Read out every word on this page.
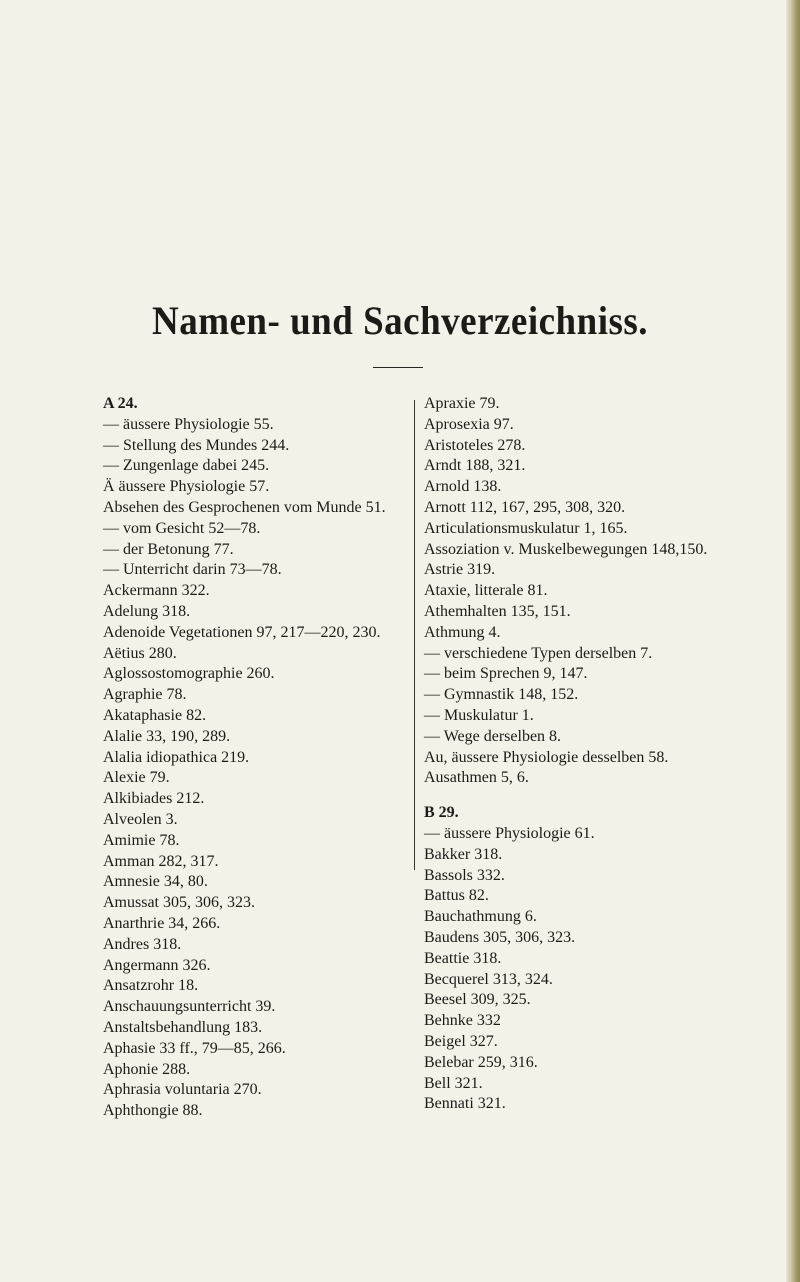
Namen- und Sachverzeichniss.
A 24.
— äussere Physiologie 55.
— Stellung des Mundes 244.
— Zungenlage dabei 245.
Ä äussere Physiologie 57.
Absehen des Gesprochenen vom Munde 51.
— vom Gesicht 52—78.
— der Betonung 77.
— Unterricht darin 73—78.
Ackermann 322.
Adelung 318.
Adenoide Vegetationen 97, 217—220, 230.
Aëtius 280.
Aglossostomographie 260.
Agraphie 78.
Akataphasie 82.
Alalie 33, 190, 289.
Alalia idiopathica 219.
Alexie 79.
Alkibiades 212.
Alveolen 3.
Amimie 78.
Amman 282, 317.
Amnesie 34, 80.
Amussat 305, 306, 323.
Anarthrie 34, 266.
Andres 318.
Angermann 326.
Ansatzrohr 18.
Anschauungsunterricht 39.
Anstaltsbehandlung 183.
Aphasie 33 ff., 79—85, 266.
Aphonie 288.
Aphrasia voluntaria 270.
Aphthongie 88.
Apraxie 79.
Aprosexia 97.
Aristoteles 278.
Arndt 188, 321.
Arnold 138.
Arnott 112, 167, 295, 308, 320.
Articulationsmuskulatur 1, 165.
Assoziation v. Muskelbewegungen 148,150.
Astrie 319.
Ataxie, litterale 81.
Athemhalten 135, 151.
Athmung 4.
— verschiedene Typen derselben 7.
— beim Sprechen 9, 147.
— Gymnastik 148, 152.
— Muskulatur 1.
— Wege derselben 8.
Au, äussere Physiologie desselben 58.
Ausathmen 5, 6.
B 29.
— äussere Physiologie 61.
Bakker 318.
Bassols 332.
Battus 82.
Bauchathmung 6.
Baudens 305, 306, 323.
Beattie 318.
Becquerel 313, 324.
Beesel 309, 325.
Behnke 332
Beigel 327.
Belebar 259, 316.
Bell 321.
Bennati 321.
